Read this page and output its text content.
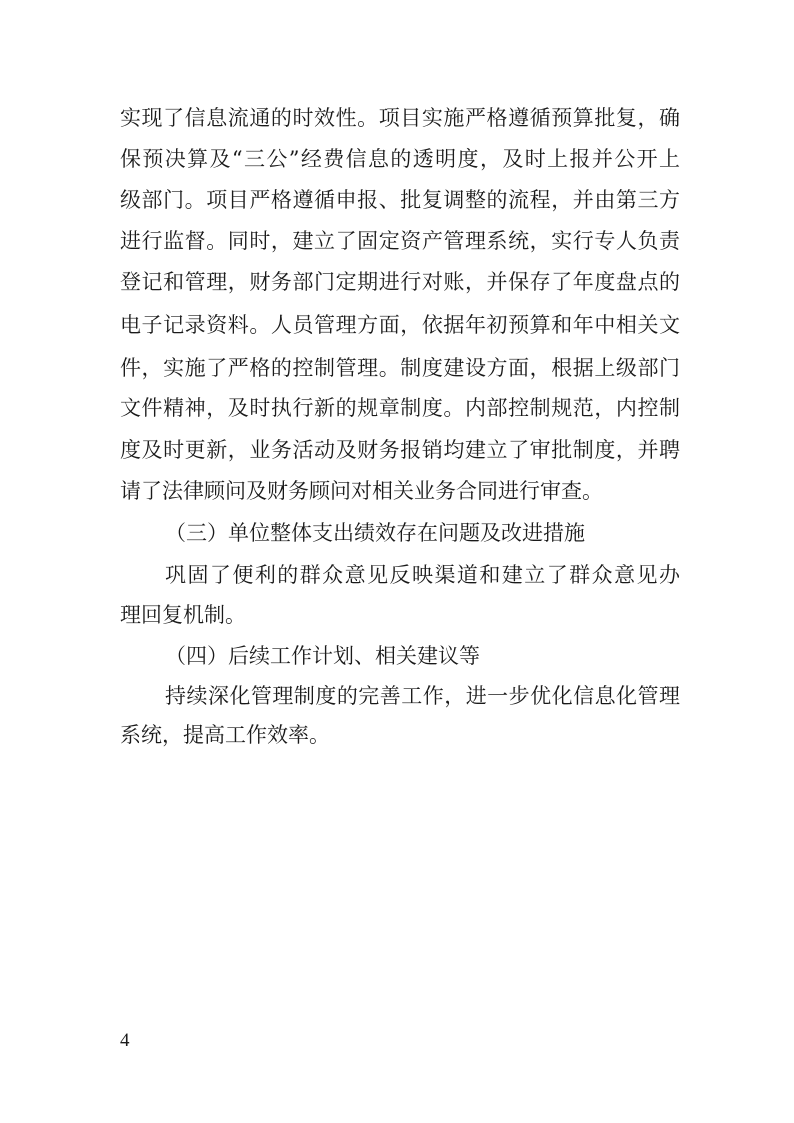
实现了信息流通的时效性。项目实施严格遵循预算批复，确
保预决算及“三公”经费信息的透明度，及时上报并公开上
级部门。项目严格遵循申报、批复调整的流程，并由第三方
进行监督。同时，建立了固定资产管理系统，实行专人负责
登记和管理，财务部门定期进行对账，并保存了年度盘点的
电子记录资料。人员管理方面，依据年初预算和年中相关文
件，实施了严格的控制管理。制度建设方面，根据上级部门
文件精神，及时执行新的规章制度。内部控制规范，内控制
度及时更新，业务活动及财务报销均建立了审批制度，并聘
请了法律顾问及财务顾问对相关业务合同进行审查。
（三）单位整体支出绩效存在问题及改进措施
巩固了便利的群众意见反映渠道和建立了群众意见办
理回复机制。
（四）后续工作计划、相关建议等
持续深化管理制度的完善工作，进一步优化信息化管理
系统，提高工作效率。
4
